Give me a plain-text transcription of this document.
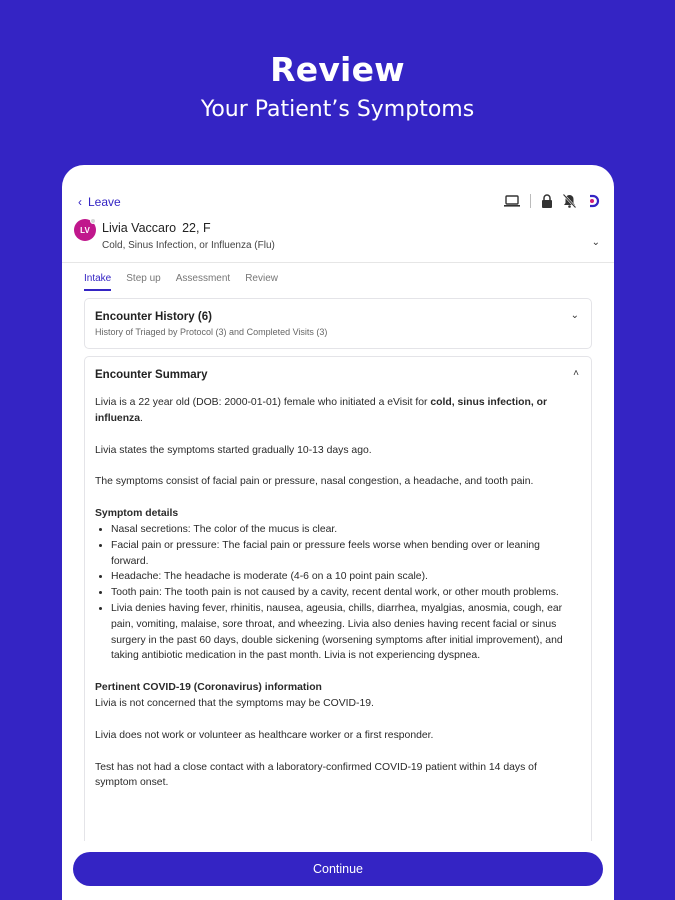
Review
Your Patient’s Symptoms
‹ Leave
LV Livia Vaccaro 22, F
Cold, Sinus Infection, or Influenza (Flu)	⌄
Intake Step up Assessment Review
Encounter History (6)
History of Triaged by Protocol (3) and Completed Visits (3)
⌄
Encounter Summary	˄

Livia is a 22 year old (DOB: 2000-01-01) female who initiated a eVisit for cold, sinus infection, or influenza.

Livia states the symptoms started gradually 10-13 days ago.

The symptoms consist of facial pain or pressure, nasal congestion, a headache, and tooth pain.

Symptom details

• Nasal secretions: The color of the mucus is clear.
• Facial pain or pressure: The facial pain or pressure feels worse when bending over or leaning forward.
• Headache: The headache is moderate (4-6 on a 10 point pain scale).
• Tooth pain: The tooth pain is not caused by a cavity, recent dental work, or other mouth problems.
• Livia denies having fever, rhinitis, nausea, ageusia, chills, diarrhea, myalgias, anosmia, cough, ear pain, vomiting, malaise, sore throat, and wheezing. Livia also denies having recent facial or sinus surgery in the past 60 days, double sickening (worsening symptoms after initial improvement), and taking antibiotic medication in the past month. Livia is not experiencing dyspnea.

Pertinent COVID-19 (Coronavirus) information

Livia is not concerned that the symptoms may be COVID-19.

Livia does not work or volunteer as healthcare worker or a first responder.

Test has not had a close contact with a laboratory-confirmed COVID-19 patient within 14 days of symptom onset.

Continue
